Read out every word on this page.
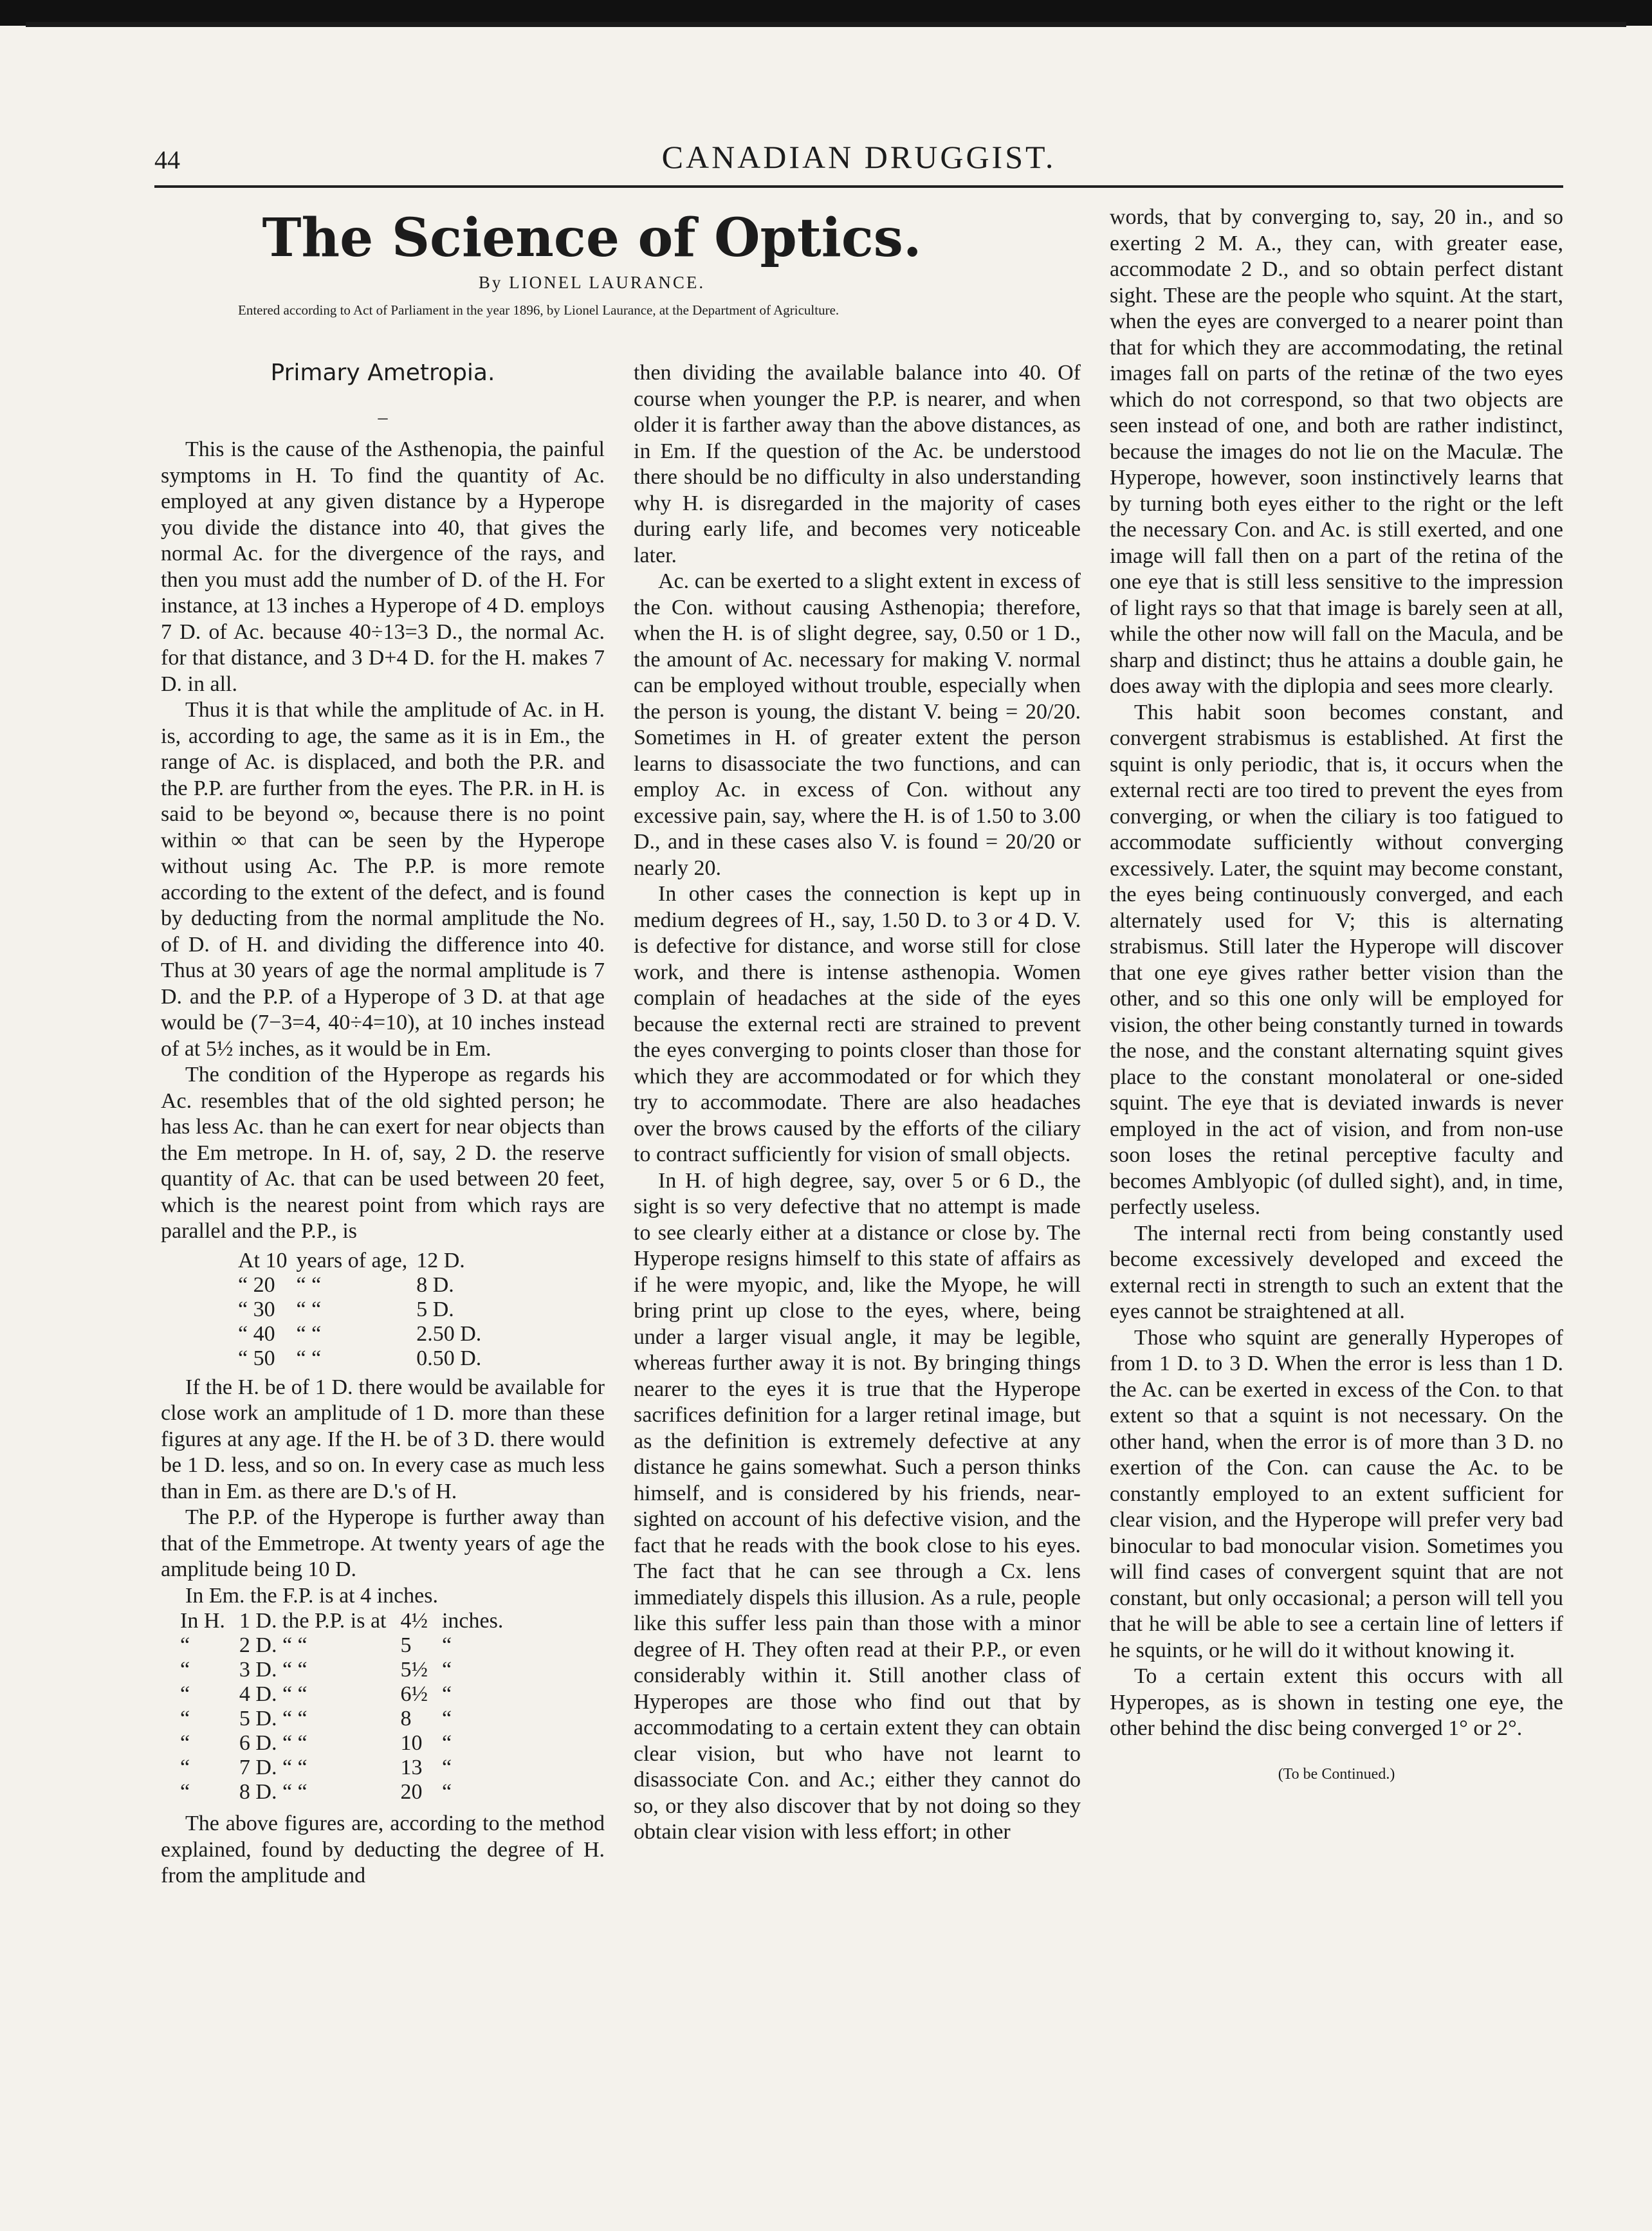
44	CANADIAN DRUGGIST.
The Science of Optics.
By LIONEL LAURANCE.
Entered according to Act of Parliament in the year 1896, by Lionel Laurance, at the Department of Agriculture.
Primary Ametropia.
–

This is the cause of the Asthenopia, the painful symptoms in H. To find the quantity of Ac. employed at any given distance by a Hyperope you divide the distance into 40, that gives the normal Ac. for the divergence of the rays, and then you must add the number of D. of the H. For instance, at 13 inches a Hyperope of 4 D. employs 7 D. of Ac. because 40÷13=3 D., the normal Ac. for that distance, and 3 D+4 D. for the H. makes 7 D. in all.

Thus it is that while the amplitude of Ac. in H. is, according to age, the same as it is in Em., the range of Ac. is displaced, and both the P.R. and the P.P. are further from the eyes. The P.R. in H. is said to be beyond ∞, because there is no point within ∞ that can be seen by the Hyperope without using Ac. The P.P. is more remote according to the extent of the defect, and is found by deducting from the normal amplitude the No. of D. of H. and dividing the difference into 40. Thus at 30 years of age the normal amplitude is 7 D. and the P.P. of a Hyperope of 3 D. at that age would be (7−3=4, 40÷4=10), at 10 inches instead of at 5½ inches, as it would be in Em.

The condition of the Hyperope as regards his Ac. resembles that of the old sighted person; he has less Ac. than he can exert for near objects than the Em metrope. In H. of, say, 2 D. the reserve quantity of Ac. that can be used between 20 feet, which is the nearest point from which rays are parallel and the P.P., is

At 10	years of age,	12 D.
“ 20	“ “	8 D.
“ 30	“ “	5 D.
“ 40	“ “	2.50 D.
“ 50	“ “	0.50 D.

If the H. be of 1 D. there would be available for close work an amplitude of 1 D. more than these figures at any age. If the H. be of 3 D. there would be 1 D. less, and so on. In every case as much less than in Em. as there are D.'s of H.

The P.P. of the Hyperope is further away than that of the Emmetrope. At twenty years of age the amplitude being 10 D.

In Em. the F.P. is at 4 inches.

In H.	1 D. the P.P. is at	4½	inches.
“	2 D. “ “	5	“
“	3 D. “ “	5½	“
“	4 D. “ “	6½	“
“	5 D. “ “	8	“
“	6 D. “ “	10	“
“	7 D. “ “	13	“
“	8 D. “ “	20	“

The above figures are, according to the method explained, found by deducting the degree of H. from the amplitude and

then dividing the available balance into 40. Of course when younger the P.P. is nearer, and when older it is farther away than the above distances, as in Em. If the question of the Ac. be understood there should be no difficulty in also understanding why H. is disregarded in the majority of cases during early life, and becomes very noticeable later.

Ac. can be exerted to a slight extent in excess of the Con. without causing Asthenopia; therefore, when the H. is of slight degree, say, 0.50 or 1 D., the amount of Ac. necessary for making V. normal can be employed without trouble, especially when the person is young, the distant V. being = 20/20. Sometimes in H. of greater extent the person learns to disassociate the two functions, and can employ Ac. in excess of Con. without any excessive pain, say, where the H. is of 1.50 to 3.00 D., and in these cases also V. is found = 20/20 or nearly 20.

In other cases the connection is kept up in medium degrees of H., say, 1.50 D. to 3 or 4 D. V. is defective for distance, and worse still for close work, and there is intense asthenopia. Women complain of headaches at the side of the eyes because the external recti are strained to prevent the eyes converging to points closer than those for which they are accommodated or for which they try to accommodate. There are also headaches over the brows caused by the efforts of the ciliary to contract sufficiently for vision of small objects.

In H. of high degree, say, over 5 or 6 D., the sight is so very defective that no attempt is made to see clearly either at a distance or close by. The Hyperope resigns himself to this state of affairs as if he were myopic, and, like the Myope, he will bring print up close to the eyes, where, being under a larger visual angle, it may be legible, whereas further away it is not. By bringing things nearer to the eyes it is true that the Hyperope sacrifices definition for a larger retinal image, but as the definition is extremely defective at any distance he gains somewhat. Such a person thinks himself, and is considered by his friends, near-sighted on account of his defective vision, and the fact that he reads with the book close to his eyes. The fact that he can see through a Cx. lens immediately dispels this illusion. As a rule, people like this suffer less pain than those with a minor degree of H. They often read at their P.P., or even considerably within it. Still another class of Hyperopes are those who find out that by accommodating to a certain extent they can obtain clear vision, but who have not learnt to disassociate Con. and Ac.; either they cannot do so, or they also discover that by not doing so they obtain clear vision with less effort; in other

words, that by converging to, say, 20 in., and so exerting 2 M. A., they can, with greater ease, accommodate 2 D., and so obtain perfect distant sight. These are the people who squint. At the start, when the eyes are converged to a nearer point than that for which they are accommodating, the retinal images fall on parts of the retinæ of the two eyes which do not correspond, so that two objects are seen instead of one, and both are rather indistinct, because the images do not lie on the Maculæ. The Hyperope, however, soon instinctively learns that by turning both eyes either to the right or the left the necessary Con. and Ac. is still exerted, and one image will fall then on a part of the retina of the one eye that is still less sensitive to the impression of light rays so that that image is barely seen at all, while the other now will fall on the Macula, and be sharp and distinct; thus he attains a double gain, he does away with the diplopia and sees more clearly.

This habit soon becomes constant, and convergent strabismus is established. At first the squint is only periodic, that is, it occurs when the external recti are too tired to prevent the eyes from converging, or when the ciliary is too fatigued to accommodate sufficiently without converging excessively. Later, the squint may become constant, the eyes being continuously converged, and each alternately used for V; this is alternating strabismus. Still later the Hyperope will discover that one eye gives rather better vision than the other, and so this one only will be employed for vision, the other being constantly turned in towards the nose, and the constant alternating squint gives place to the constant monolateral or one-sided squint. The eye that is deviated inwards is never employed in the act of vision, and from non-use soon loses the retinal perceptive faculty and becomes Amblyopic (of dulled sight), and, in time, perfectly useless.

The internal recti from being constantly used become excessively developed and exceed the external recti in strength to such an extent that the eyes cannot be straightened at all.

Those who squint are generally Hyperopes of from 1 D. to 3 D. When the error is less than 1 D. the Ac. can be exerted in excess of the Con. to that extent so that a squint is not necessary. On the other hand, when the error is of more than 3 D. no exertion of the Con. can cause the Ac. to be constantly employed to an extent sufficient for clear vision, and the Hyperope will prefer very bad binocular to bad monocular vision. Sometimes you will find cases of convergent squint that are not constant, but only occasional; a person will tell you that he will be able to see a certain line of letters if he squints, or he will do it without knowing it.

To a certain extent this occurs with all Hyperopes, as is shown in testing one eye, the other behind the disc being converged 1° or 2°.

(To be Continued.)
